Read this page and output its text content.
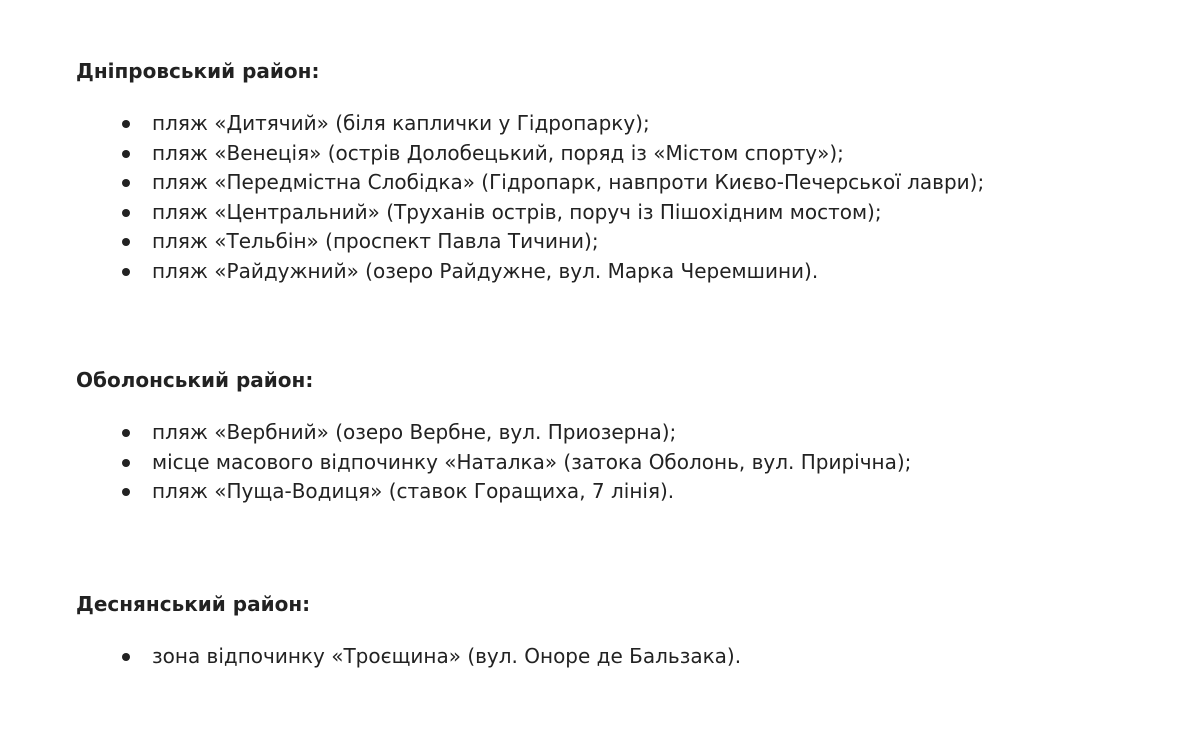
Дніпровський район:
пляж «Дитячий» (біля каплички у Гідропарку);
пляж «Венеція» (острів Долобецький, поряд із «Містом спорту»);
пляж «Передмістна Слобідка» (Гідропарк, навпроти Києво-Печерської лаври);
пляж «Центральний» (Труханів острів, поруч із Пішохідним мостом);
пляж «Тельбін» (проспект Павла Тичини);
пляж «Райдужний» (озеро Райдужне, вул. Марка Черемшини).
Оболонський район:
пляж «Вербний» (озеро Вербне, вул. Приозерна);
місце масового відпочинку «Наталка» (затока Оболонь, вул. Прирічна);
пляж «Пуща-Водиця» (ставок Горащиха, 7 лінія).
Деснянський район:
зона відпочинку «Троєщина» (вул. Оноре де Бальзака).
